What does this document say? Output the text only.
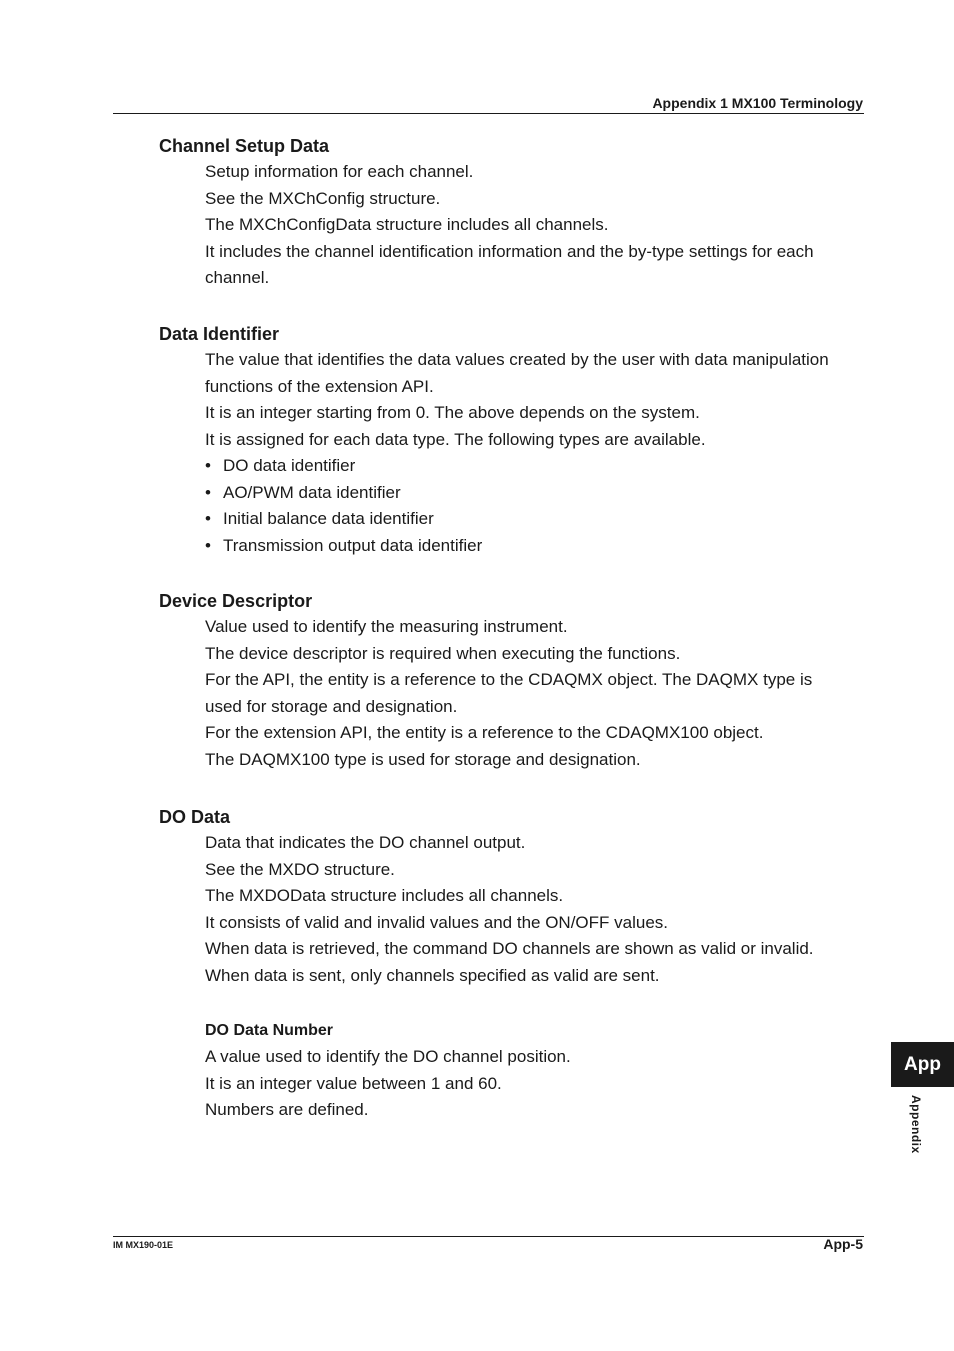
Appendix 1 MX100 Terminology
Channel Setup Data

Setup information for each channel.

See the MXChConfig structure.

The MXChConfigData structure includes all channels.

It includes the channel identification information and the by-type settings for each

channel.

Data Identifier

The value that identifies the data values created by the user with data manipulation

functions of the extension API.

It is an integer starting from 0. The above depends on the system.

It is assigned for each data type. The following types are available.

• DO data identifier
• AO/PWM data identifier
• Initial balance data identifier
• Transmission output data identifier
Device Descriptor

Value used to identify the measuring instrument.

The device descriptor is required when executing the functions.

For the API, the entity is a reference to the CDAQMX object. The DAQMX type is

used for storage and designation.

For the extension API, the entity is a reference to the CDAQMX100 object.

The DAQMX100 type is used for storage and designation.

DO Data

Data that indicates the DO channel output.

See the MXDO structure.

The MXDOData structure includes all channels.

It consists of valid and invalid values and the ON/OFF values.

When data is retrieved, the command DO channels are shown as valid or invalid.

When data is sent, only channels specified as valid are sent.

DO Data Number

A value used to identify the DO channel position.

It is an integer value between 1 and 60.

Numbers are defined.

App
Appendix
IM MX190-01E	App-5
